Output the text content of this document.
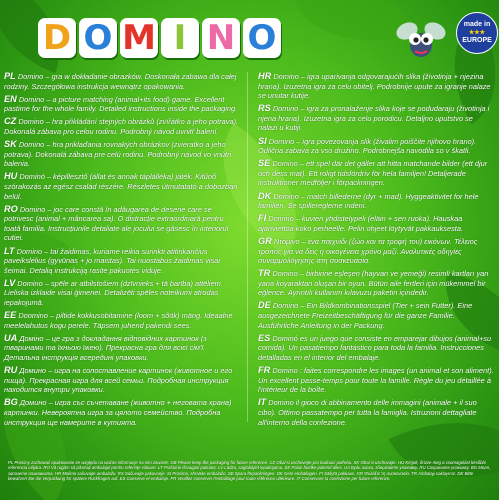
D O M I N O	made in
★★★
EUROPE
PL Domino – gra w dokładanie obrazków. Doskonała zabawa dla całej rodziny. Szczegółowa instrukcja wewnątrz opakowania.
EN Domino – a picture matching (animal+its food) game. Excellent pastime for the whole family. Detailed instructions inside the packaging.
CZ Domino – hra přikládání stejných obrázků (zvířátko a jeho potrava). Dokonalá zábava pro celou rodinu. Podrobný návod uvnitř balení.
SK Domino – hra priklaďania rovnakých obrázkov (zvieratko a jeho potrava). Dokonalá zábava pre celú rodinu. Podrobný návod vo vnútri balenia.
HU Dominó – képillesztő (állat és annak táplálléka) játék. Kitűnő szórakozás az egész család részére. Részletes útmutatató a dobozban belül.
RO Domino – joc care constă în adăugarea de desene care se potrivesc (animal + mâncarea sa). O distracție extraordinară pentru toată familia. Instrucțiunile detaliate ale jocului se găsesc în interiorul cutiei.
LT Domino – tai žaidimas, kuriame reikia surinkti atitinkančius paveikslėlius (gyvūnas + jo maistas). Tai nuostabus žaidimas visai šeimai. Detalią instrukciją rasite pakuotės viduje.
LV Domino – spēle ar atbilstošiem (dzīvnieks + tā barība) attēliem. Lieliska izklaide visai ģimenei. Detalizēti spēles noteikumi atrodas iepakojumā.
EE Doomino – piltide kokkusobitamine (loom + sõök) mäng. Ideaalne meelelahutus kogu perele. Täpsem juhend pakendi sees.
UA Доміно – це гра з докладання відповідних картинок (з тваринами та їхньою їжею). Прекрасна гра для всієї сім'ї. Детальна інструкція всередині упаковки.
RU Домино – игра на сопоставление картинок (животное и его пища). Прекрасная игра для всей семьи. Подробная инструкция находится внутри упаковки.
BG Домино – игра със съчетаване (животно + неговата храна) картинки. Невероятна игра за цялото семейство. Подробна инструкция ще намерите в кутията.
HR Domino – igra uparivanja odgovarajućih slika (životinja + njezina hrana). Izuzetna igra za celu obitelj. Podrobnije upute za igranje nalaze se unutar kutije.
RS Domino – igra za pronalaženje slika koje se podudaraju (životinja i njena hrana). Izuzetna igra za celu porodicu. Detaljno uputstvo se nalazi u kutiji.
SI Domino – igra povezovanja slik (živalim poiščite njihovo hrano). Odlična zabava za vso družino. Podrobnejša navodila so v škatli.
SE Domino – ett spel där det gäller att hitta matchande bilder (ett djur och dess mat). Ett roligt tidsfördriv för hela familjen! Detaljerade instruktioner medföljer i förpackningen.
DK Domino – match billederne (dyr + mad). Hyggeaktivitet for hele familien. Se spillereglerne indeni.
FI Domino – kuvien yhdistelypeli (eläin + sen ruoka). Hauskaa ajanviettoa koko perheelle. Pelin ohjeet löytyvät pakkauksesta.
GR Ντόμινο – ένα παιχνίδι (ζώο και τα τροφή του) εικόνων. Τέλειος τρόπος για να δεις η οικογένεια χρόνο μαζί. Αναλυτικές οδηγίες συναρμολόγησης στη συσκευασία.
TR Domino – birbirine eşleşen (hayvan ve yemeği) resimli kartları yan yana koyaraktan oluşan bir oyun. Bütün aile fertleri için mükemmel bir eğlence. Ayrıntılı kullanım kılavuzu paketin içindedir.
DE Domino – Ein Bildkombinationsspiel (Tier + sein Futter). Eine ausgezeichnete Freizeitbeschäftigung für die ganze Familie. Ausführliche Anleitung in der Packung.
ES Dominó es un juego que consiste en emparejar dibujos (animal+su comida). Un pasatiempo fantástico para toda la familia. Instrucciones detalladas en el interior del embalaje.
FR Domino : faites correspondre les images (un animal et son aliment). Un excellent passe-temps pour toute la famille. Règle du jeu détaillée à l'intérieur de la boîte.
IT Domino il gioco di abbinamento delle immagini (animale + il suo cibo). Ottimo passatempo per tutta la famiglia. Istruzioni dettagliate all'interno della confezione.
PL Prosimy zachować opakowanie ze względu na ważne informacje na nim zawarte. GB Please keep the packaging for future reference. CZ Obal si uschovejte pro budoucí potřebu. SK Obal si uschovajte. HU Kérjük, őrizze meg a csomagolást későbbi referencia céljára. RO Vă rugăm să păstrați ambalajul pentru referințe viitoare. LT Prašome išsaugoti pakuotę. LV Lūdzu, saglabājiet iepakojumu. EE Palun hoidke pakend alles. UA Будь ласка, зберігайте упаковку. RU Сохраните упаковку. BG Моля, запазете опаковката. HR Molimo sačuvajte ambalažu. RS Sačuvajte pakovanje. SI Prosimo, shranite embalažo. SE Spara förpackningen. DK Gem emballagen. FI Säilytä pakkaus. GR Φυλάξτε τη συσκευασία. TR Ambalajı saklayınız. DE Bitte bewahren Sie die Verpackung für spätere Rückfragen auf. ES Conserve el embalaje. FR Veuillez conserver l'emballage pour toute référence ultérieure. IT Conservare la confezione per future referenze.
